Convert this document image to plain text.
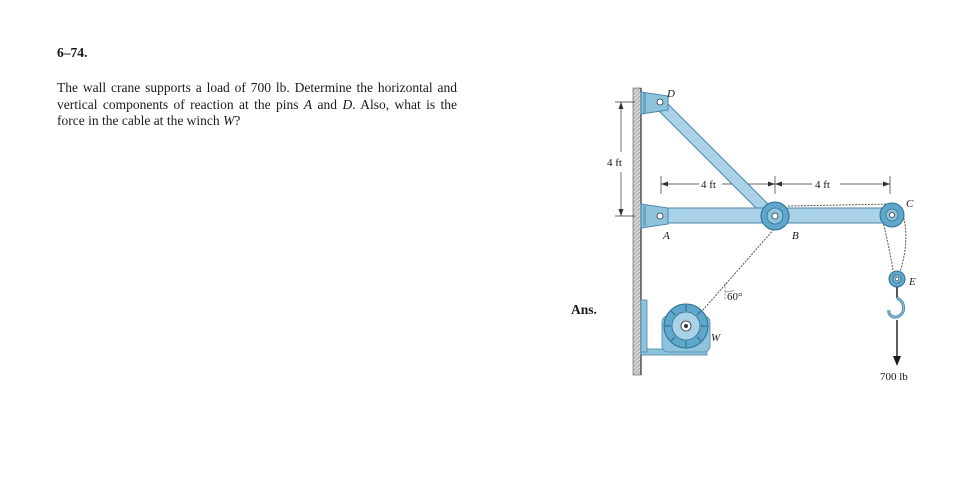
6–74.
The wall crane supports a load of 700 lb. Determine the horizontal and vertical components of reaction at the pins A and D. Also, what is the force in the cable at the winch W?
Ans.
4 ft
4 ft	4 ft
60°
D
A	B
C
E
700 lb
W
